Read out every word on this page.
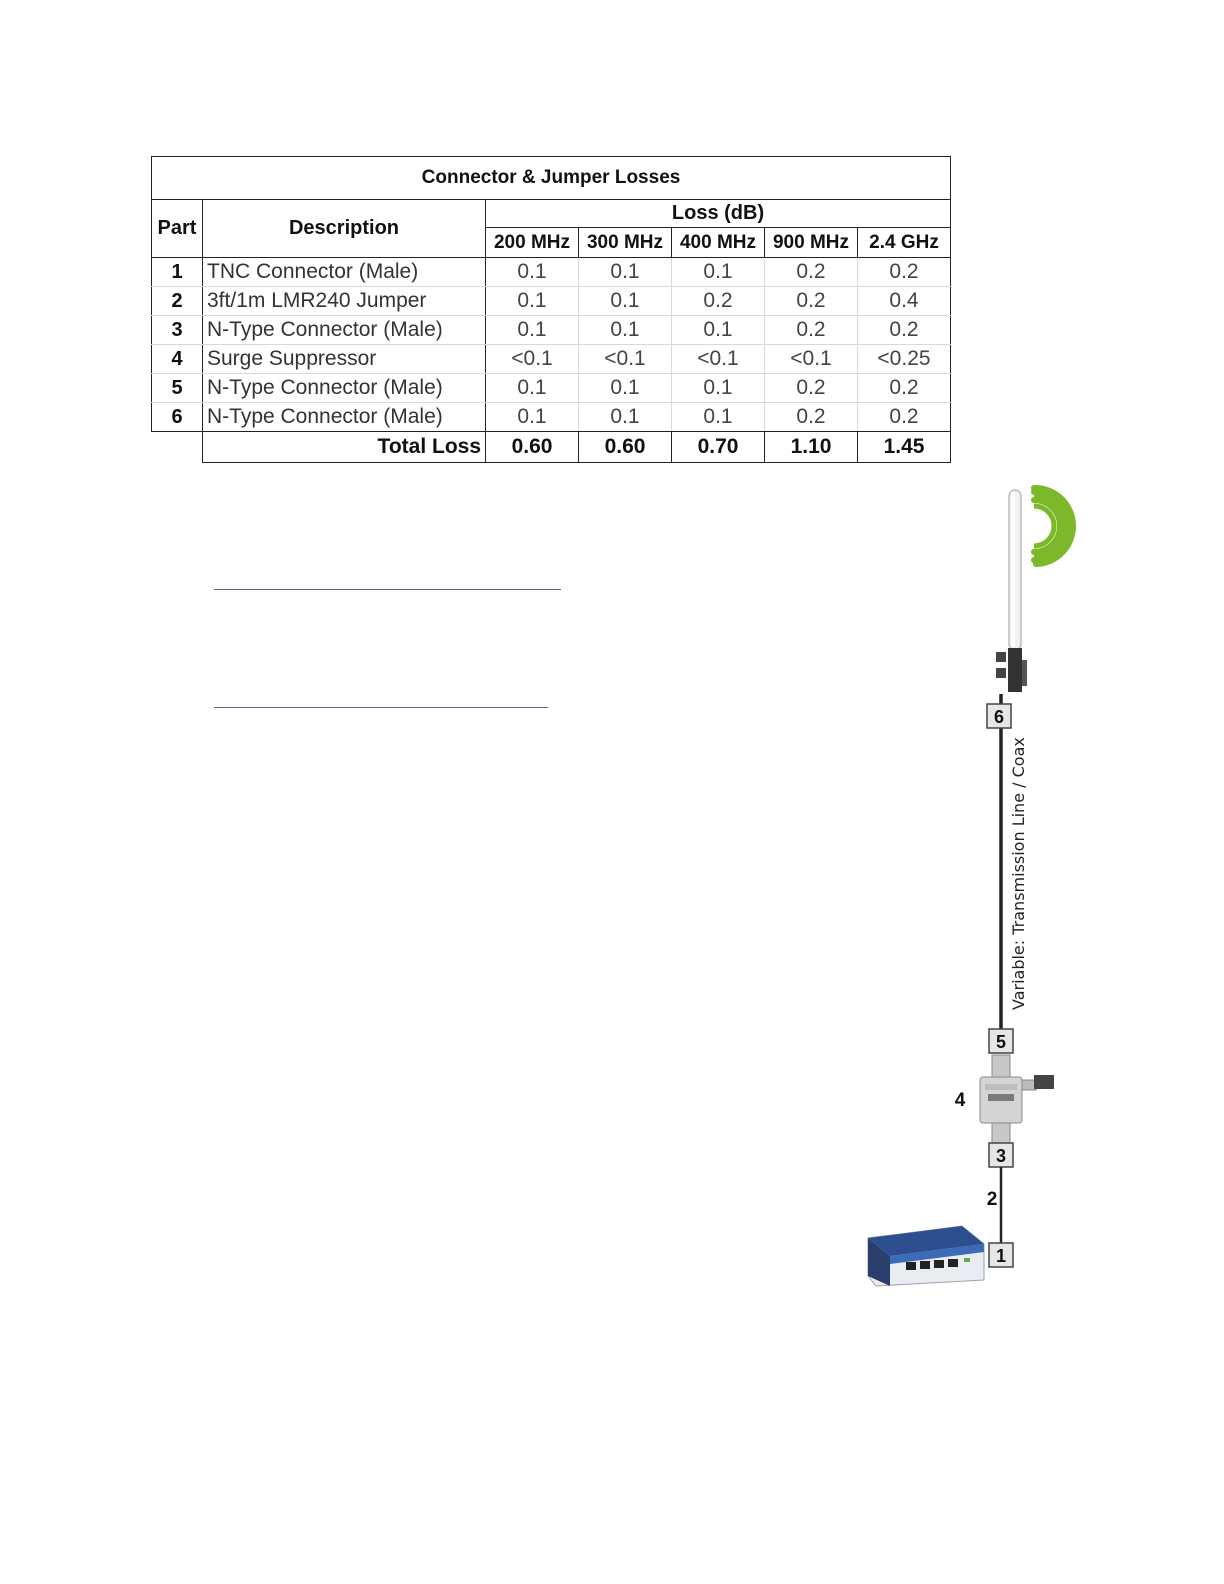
Connector & Jumper Losses						
Part	Description	Loss (dB)				
		200 MHz	300 MHz	400 MHz	900 MHz	2.4 GHz
1	TNC Connector (Male)	0.1	0.1	0.1	0.2	0.2
2	3ft/1m LMR240 Jumper	0.1	0.1	0.2	0.2	0.4
3	N-Type Connector (Male)	0.1	0.1	0.1	0.2	0.2
4	Surge Suppressor	<0.1	<0.1	<0.1	<0.1	<0.25
5	N-Type Connector (Male)	0.1	0.1	0.1	0.2	0.2
6	N-Type Connector (Male)	0.1	0.1	0.1	0.2	0.2
	Total Loss	0.60	0.60	0.70	1.10	1.45
Variable: Transmission Line / Coax
6
5
4
3
2
1
